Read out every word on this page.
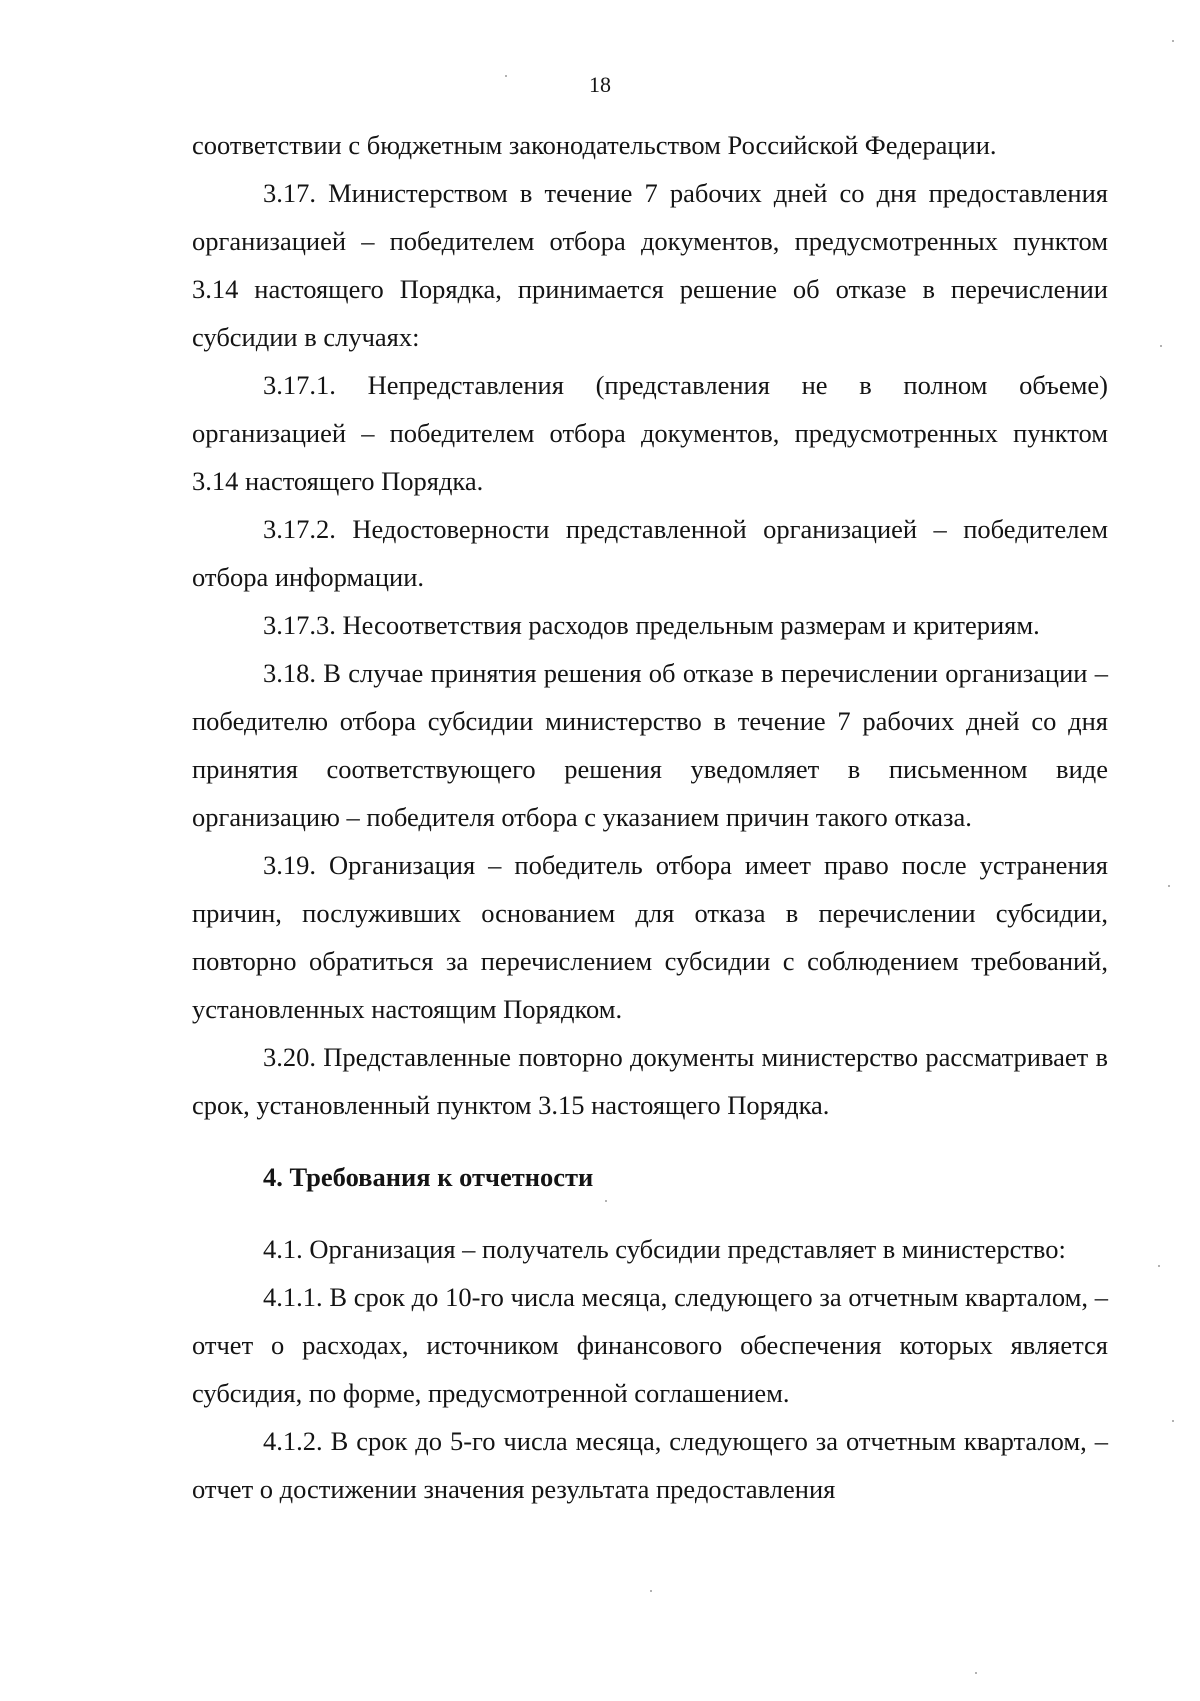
18

соответствии с бюджетным законодательством Российской Федерации.

3.17. Министерством в течение 7 рабочих дней со дня предоставления организацией – победителем отбора документов, предусмотренных пунктом 3.14 настоящего Порядка, принимается решение об отказе в перечислении субсидии в случаях:

3.17.1. Непредставления (представления не в полном объеме) организацией – победителем отбора документов, предусмотренных пунктом 3.14 настоящего Порядка.

3.17.2. Недостоверности представленной организацией – победителем отбора информации.

3.17.3. Несоответствия расходов предельным размерам и критериям.

3.18. В случае принятия решения об отказе в перечислении организации – победителю отбора субсидии министерство в течение 7 рабочих дней со дня принятия соответствующего решения уведомляет в письменном виде организацию – победителя отбора с указанием причин такого отказа.

3.19. Организация – победитель отбора имеет право после устранения причин, послуживших основанием для отказа в перечислении субсидии, повторно обратиться за перечислением субсидии с соблюдением требований, установленных настоящим Порядком.

3.20. Представленные повторно документы министерство рассматривает в срок, установленный пунктом 3.15 настоящего Порядка.

4. Требования к отчетности

4.1. Организация – получатель субсидии представляет в министерство:

4.1.1. В срок до 10-го числа месяца, следующего за отчетным кварталом, – отчет о расходах, источником финансового обеспечения которых является субсидия, по форме, предусмотренной соглашением.

4.1.2. В срок до 5-го числа месяца, следующего за отчетным кварталом, – отчет о достижении значения результата предоставления
